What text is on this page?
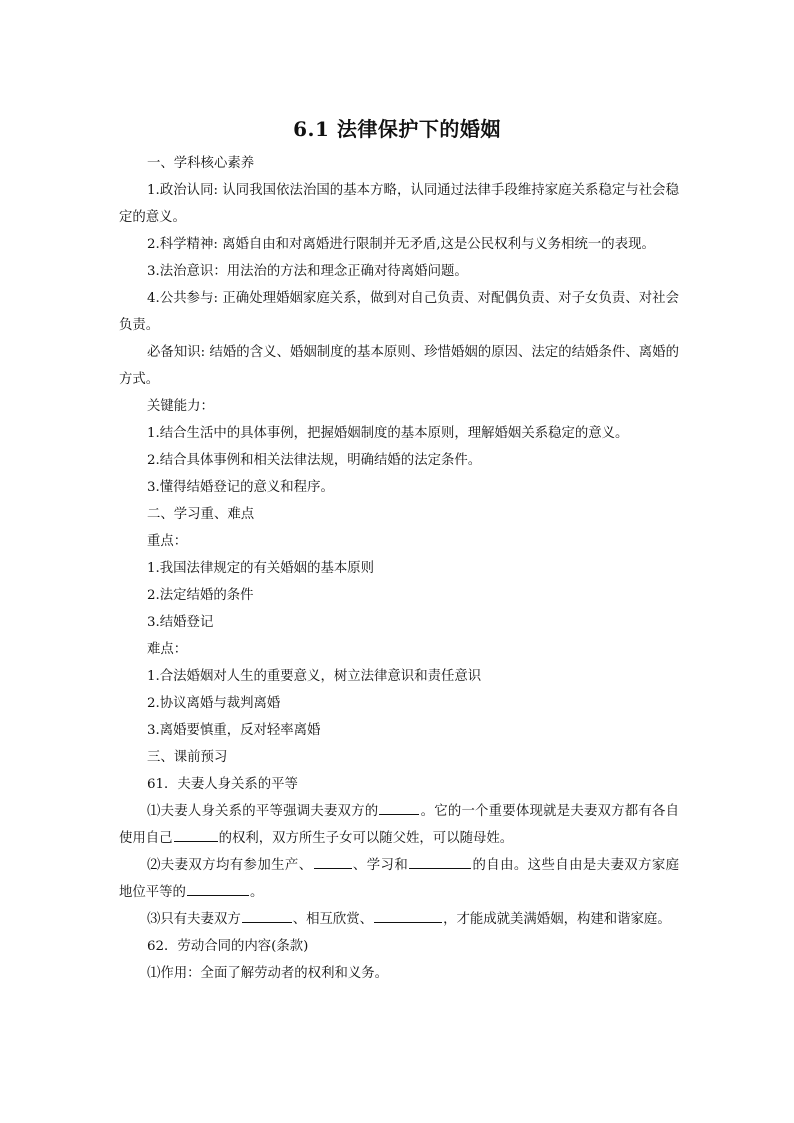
6.1 法律保护下的婚姻
一、学科核心素养
1.政治认同: 认同我国依法治国的基本方略，认同通过法律手段维持家庭关系稳定与社会稳定的意义。
2.科学精神: 离婚自由和对离婚进行限制并无矛盾,这是公民权利与义务相统一的表现。
3.法治意识：用法治的方法和理念正确对待离婚问题。
4.公共参与: 正确处理婚姻家庭关系，做到对自己负责、对配偶负责、对子女负责、对社会负责。
必备知识: 结婚的含义、婚姻制度的基本原则、珍惜婚姻的原因、法定的结婚条件、离婚的方式。
关键能力：
1.结合生活中的具体事例，把握婚姻制度的基本原则，理解婚姻关系稳定的意义。
2.结合具体事例和相关法律法规，明确结婚的法定条件。
3.懂得结婚登记的意义和程序。
二、学习重、难点
重点：
1.我国法律规定的有关婚姻的基本原则
2.法定结婚的条件
3.结婚登记
难点：
1.合法婚姻对人生的重要意义，树立法律意识和责任意识
2.协议离婚与裁判离婚
3.离婚要慎重，反对轻率离婚
三、课前预习
61．夫妻人身关系的平等
⑴夫妻人身关系的平等强调夫妻双方的	。它的一个重要体现就是夫妻双方都有各自使用自己	的权利，双方所生子女可以随父姓，可以随母姓。
⑵夫妻双方均有参加生产、	、学习和	的自由。这些自由是夫妻双方家庭地位平等的	。
⑶只有夫妻双方	、相互欣赏、	，才能成就美满婚姻，构建和谐家庭。
62．劳动合同的内容(条款)
⑴作用：全面了解劳动者的权利和义务。
